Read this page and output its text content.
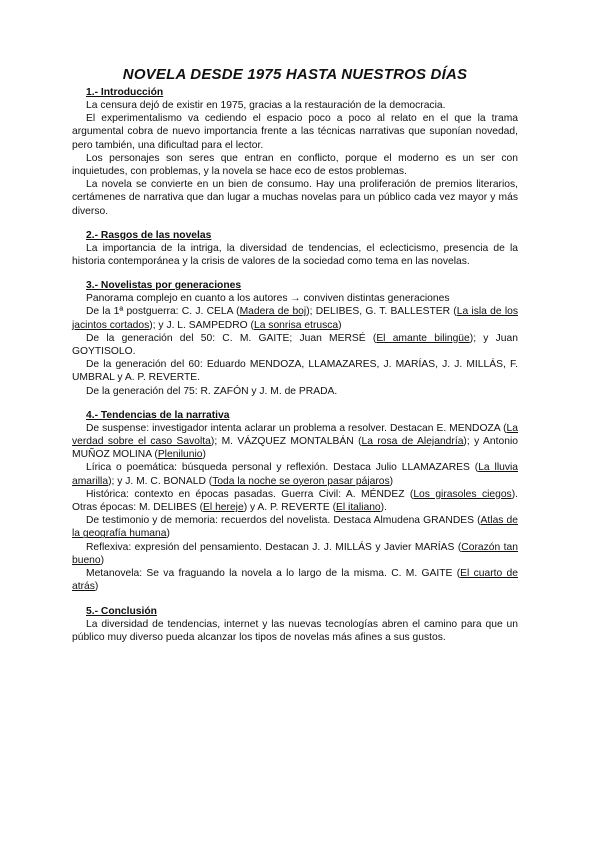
NOVELA DESDE 1975 HASTA NUESTROS DÍAS
1.- Introducción

La censura dejó de existir en 1975, gracias a la restauración de la democracia.

El experimentalismo va cediendo el espacio poco a poco al relato en el que la trama argumental cobra de nuevo importancia frente a las técnicas narrativas que suponían novedad, pero también, una dificultad para el lector.

Los personajes son seres que entran en conflicto, porque el moderno es un ser con inquietudes, con problemas, y la novela se hace eco de estos problemas.

La novela se convierte en un bien de consumo. Hay una proliferación de premios literarios, certámenes de narrativa que dan lugar a muchas novelas para un público cada vez mayor y más diverso.

2.- Rasgos de las novelas

La importancia de la intriga, la diversidad de tendencias, el eclecticismo, presencia de la historia contemporánea y la crisis de valores de la sociedad como tema en las novelas.

3.- Novelistas por generaciones

Panorama complejo en cuanto a los autores → conviven distintas generaciones

De la 1ª postguerra: C. J. CELA (Madera de boj); DELIBES, G. T. BALLESTER (La isla de los jacintos cortados); y J. L. SAMPEDRO (La sonrisa etrusca)

De la generación del 50: C. M. GAITE; Juan MERSÉ (El amante bilingüe); y Juan GOYTISOLO.

De la generación del 60: Eduardo MENDOZA, LLAMAZARES, J. MARÍAS, J. J. MILLÁS, F. UMBRAL y A. P. REVERTE.

De la generación del 75: R. ZAFÓN y J. M. de PRADA.

4.- Tendencias de la narrativa

De suspense: investigador intenta aclarar un problema a resolver. Destacan E. MENDOZA (La verdad sobre el caso Savolta); M. VÁZQUEZ MONTALBÁN (La rosa de Alejandría); y Antonio MUÑOZ MOLINA (Plenilunio)

Lírica o poemática: búsqueda personal y reflexión. Destaca Julio LLAMAZARES (La lluvia amarilla); y J. M. C. BONALD (Toda la noche se oyeron pasar pájaros)

Histórica: contexto en épocas pasadas. Guerra Civil: A. MÉNDEZ (Los girasoles ciegos). Otras épocas: M. DELIBES (El hereje) y A. P. REVERTE (El italiano).

De testimonio y de memoria: recuerdos del novelista. Destaca Almudena GRANDES (Atlas de la geografía humana)

Reflexiva: expresión del pensamiento. Destacan J. J. MILLÁS y Javier MARÍAS (Corazón tan bueno)

Metanovela: Se va fraguando la novela a lo largo de la misma. C. M. GAITE (El cuarto de atrás)

5.- Conclusión

La diversidad de tendencias, internet y las nuevas tecnologías abren el camino para que un público muy diverso pueda alcanzar los tipos de novelas más afines a sus gustos.
